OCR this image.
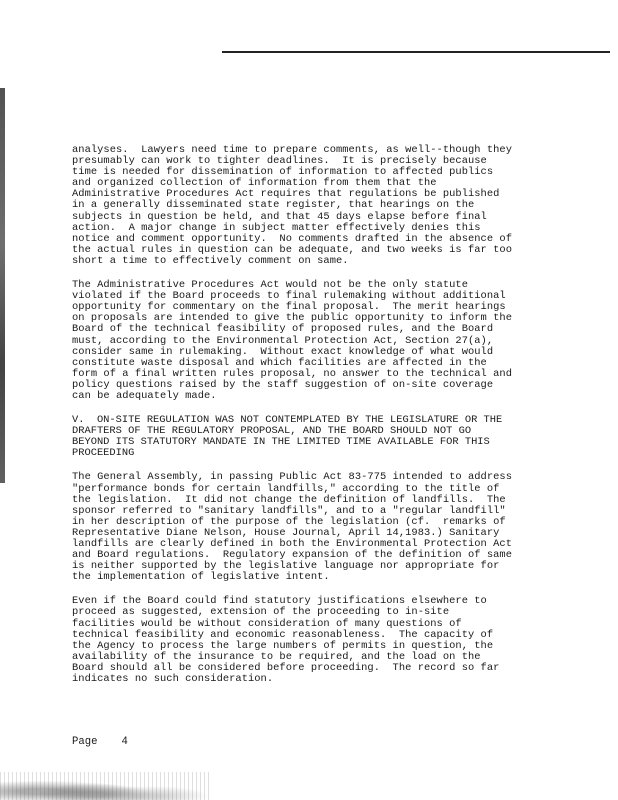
analyses.  Lawyers need time to prepare comments, as well--though they
presumably can work to tighter deadlines.  It is precisely because
time is needed for dissemination of information to affected publics
and organized collection of information from them that the
Administrative Procedures Act requires that regulations be published
in a generally disseminated state register, that hearings on the
subjects in question be held, and that 45 days elapse before final
action.  A major change in subject matter effectively denies this
notice and comment opportunity.  No comments drafted in the absence of
the actual rules in question can be adequate, and two weeks is far too
short a time to effectively comment on same.
The Administrative Procedures Act would not be the only statute
violated if the Board proceeds to final rulemaking without additional
opportunity for commentary on the final proposal.  The merit hearings
on proposals are intended to give the public opportunity to inform the
Board of the technical feasibility of proposed rules, and the Board
must, according to the Environmental Protection Act, Section 27(a),
consider same in rulemaking.  Without exact knowledge of what would
constitute waste disposal and which facilities are affected in the
form of a final written rules proposal, no answer to the technical and
policy questions raised by the staff suggestion of on-site coverage
can be adequately made.
V.  ON-SITE REGULATION WAS NOT CONTEMPLATED BY THE LEGISLATURE OR THE
DRAFTERS OF THE REGULATORY PROPOSAL, AND THE BOARD SHOULD NOT GO
BEYOND ITS STATUTORY MANDATE IN THE LIMITED TIME AVAILABLE FOR THIS
PROCEEDING
The General Assembly, in passing Public Act 83-775 intended to address
"performance bonds for certain landfills," according to the title of
the legislation.  It did not change the definition of landfills.  The
sponsor referred to "sanitary landfills", and to a "regular landfill"
in her description of the purpose of the legislation (cf.  remarks of
Representative Diane Nelson, House Journal, April 14,1983.) Sanitary
landfills are clearly defined in both the Environmental Protection Act
and Board regulations.  Regulatory expansion of the definition of same
is neither supported by the legislative language nor appropriate for
the implementation of legislative intent.
Even if the Board could find statutory justifications elsewhere to
proceed as suggested, extension of the proceeding to in-site
facilities would be without consideration of many questions of
technical feasibility and economic reasonableness.  The capacity of
the Agency to process the large numbers of permits in question, the
availability of the insurance to be required, and the load on the
Board should all be considered before proceeding.  The record so far
indicates no such consideration.
Page 4
